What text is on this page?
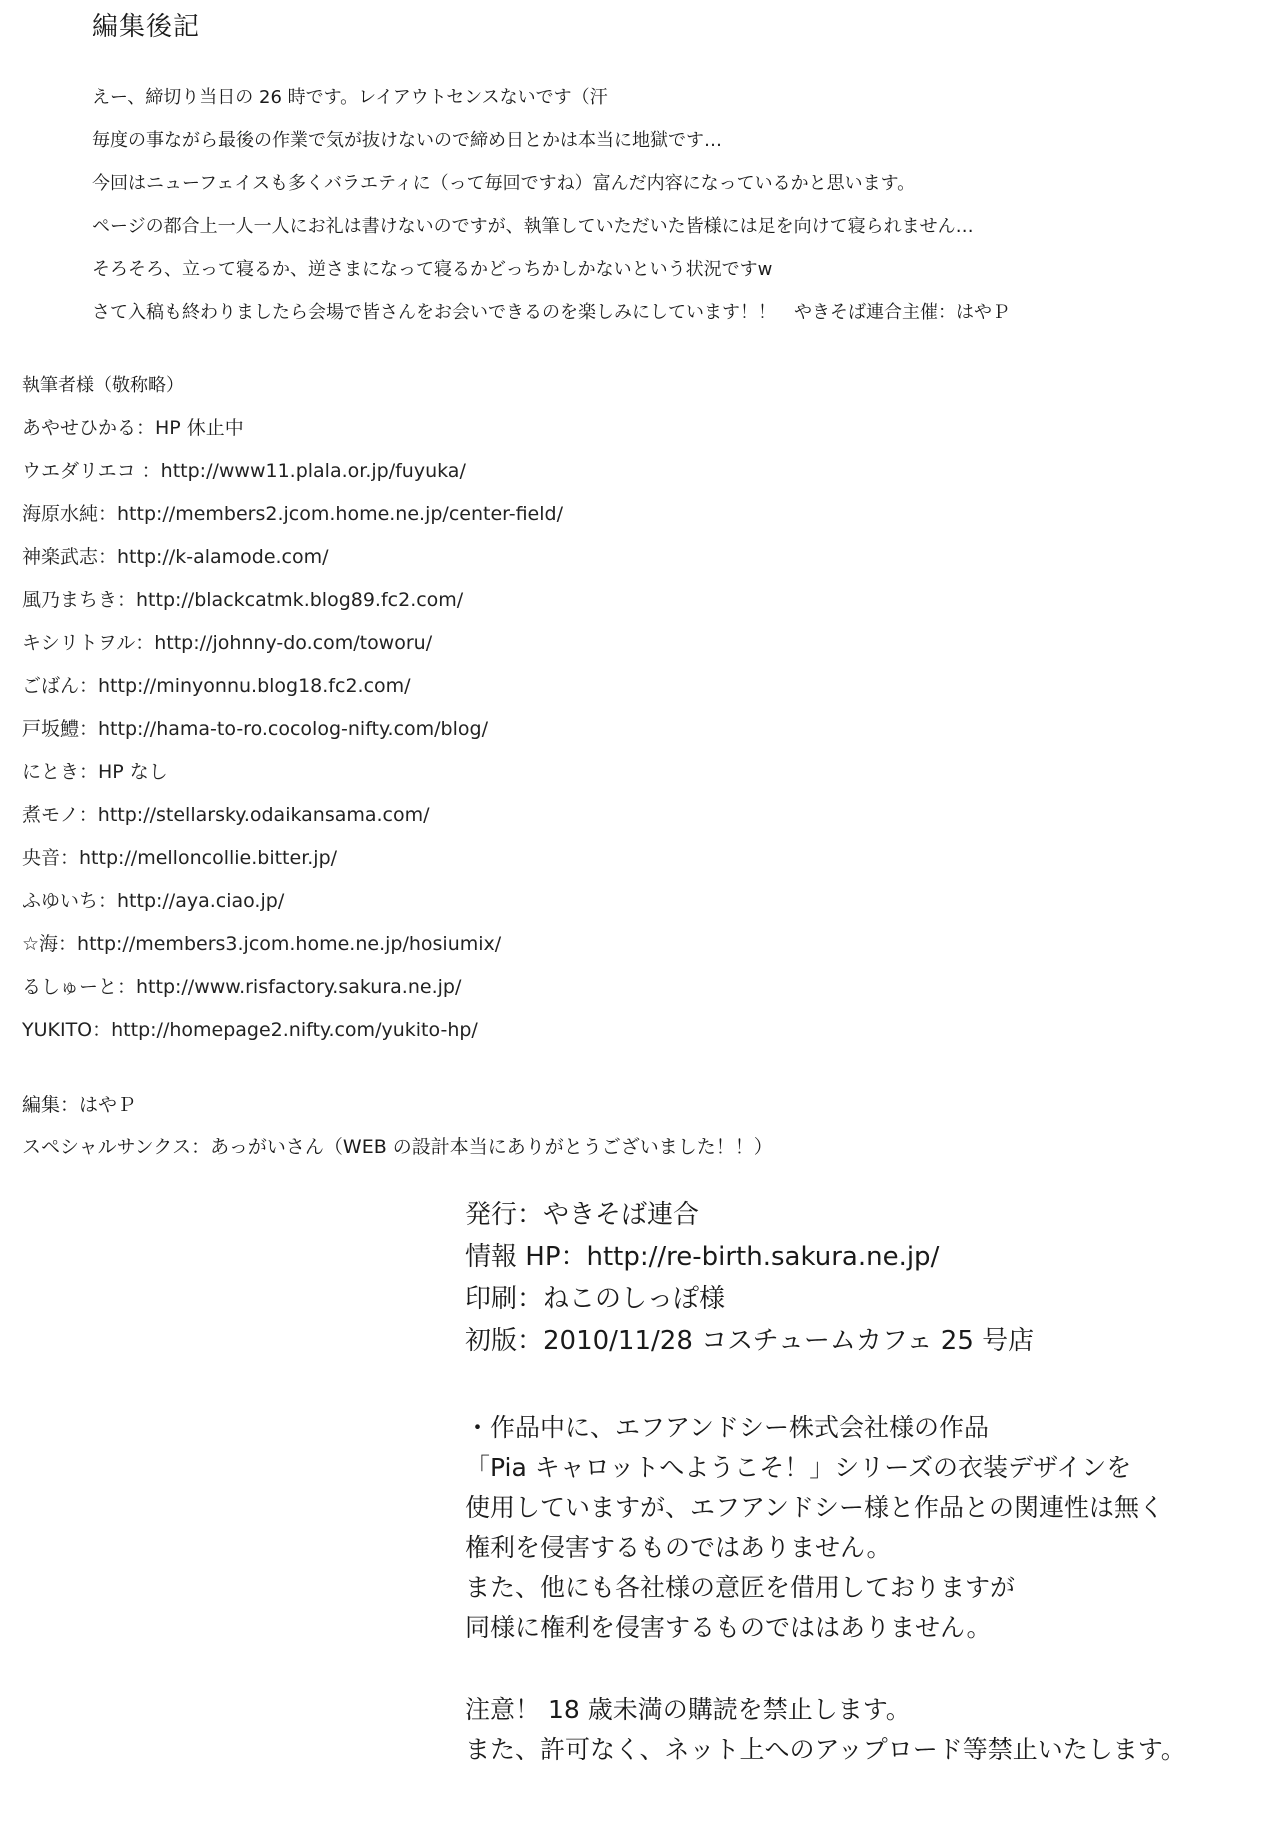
編集後記
えー、締切り当日の 26 時です。レイアウトセンスないです（汗
毎度の事ながら最後の作業で気が抜けないので締め日とかは本当に地獄です…
今回はニューフェイスも多くバラエティに（って毎回ですね）富んだ内容になっているかと思います。
ページの都合上一人一人にお礼は書けないのですが、執筆していただいた皆様には足を向けて寝られません…
そろそろ、立って寝るか、逆さまになって寝るかどっちかしかないという状況ですw
さて入稿も終わりましたら会場で皆さんをお会いできるのを楽しみにしています！！　やきそば連合主催：はやＰ
執筆者様（敬称略）
あやせひかる：HP 休止中
ウエダリエコ ：http://www11.plala.or.jp/fuyuka/
海原水純：http://members2.jcom.home.ne.jp/center-field/
神楽武志：http://k-alamode.com/
風乃まちき：http://blackcatmk.blog89.fc2.com/
キシリトヲル：http://johnny-do.com/toworu/
ごばん：http://minyonnu.blog18.fc2.com/
戸坂鱧：http://hama-to-ro.cocolog-nifty.com/blog/
にとき：HP なし
煮モノ：http://stellarsky.odaikansama.com/
央音：http://melloncollie.bitter.jp/
ふゆいち：http://aya.ciao.jp/
☆海：http://members3.jcom.home.ne.jp/hosiumix/
るしゅーと：http://www.risfactory.sakura.ne.jp/
YUKITO：http://homepage2.nifty.com/yukito-hp/
編集：はやＰ
スペシャルサンクス：あっがいさん（WEB の設計本当にありがとうございました！！）
発行：やきそば連合
情報 HP：http://re-birth.sakura.ne.jp/
印刷：ねこのしっぽ様
初版：2010/11/28 コスチュームカフェ 25 号店
・作品中に、エフアンドシー株式会社様の作品
「Pia キャロットへようこそ！」シリーズの衣装デザインを
使用していますが、エフアンドシー様と作品との関連性は無く
権利を侵害するものではありません。
また、他にも各社様の意匠を借用しておりますが
同様に権利を侵害するものでははありません。
注意！ 18 歳未満の購読を禁止します。
また、許可なく、ネット上へのアップロード等禁止いたします。
